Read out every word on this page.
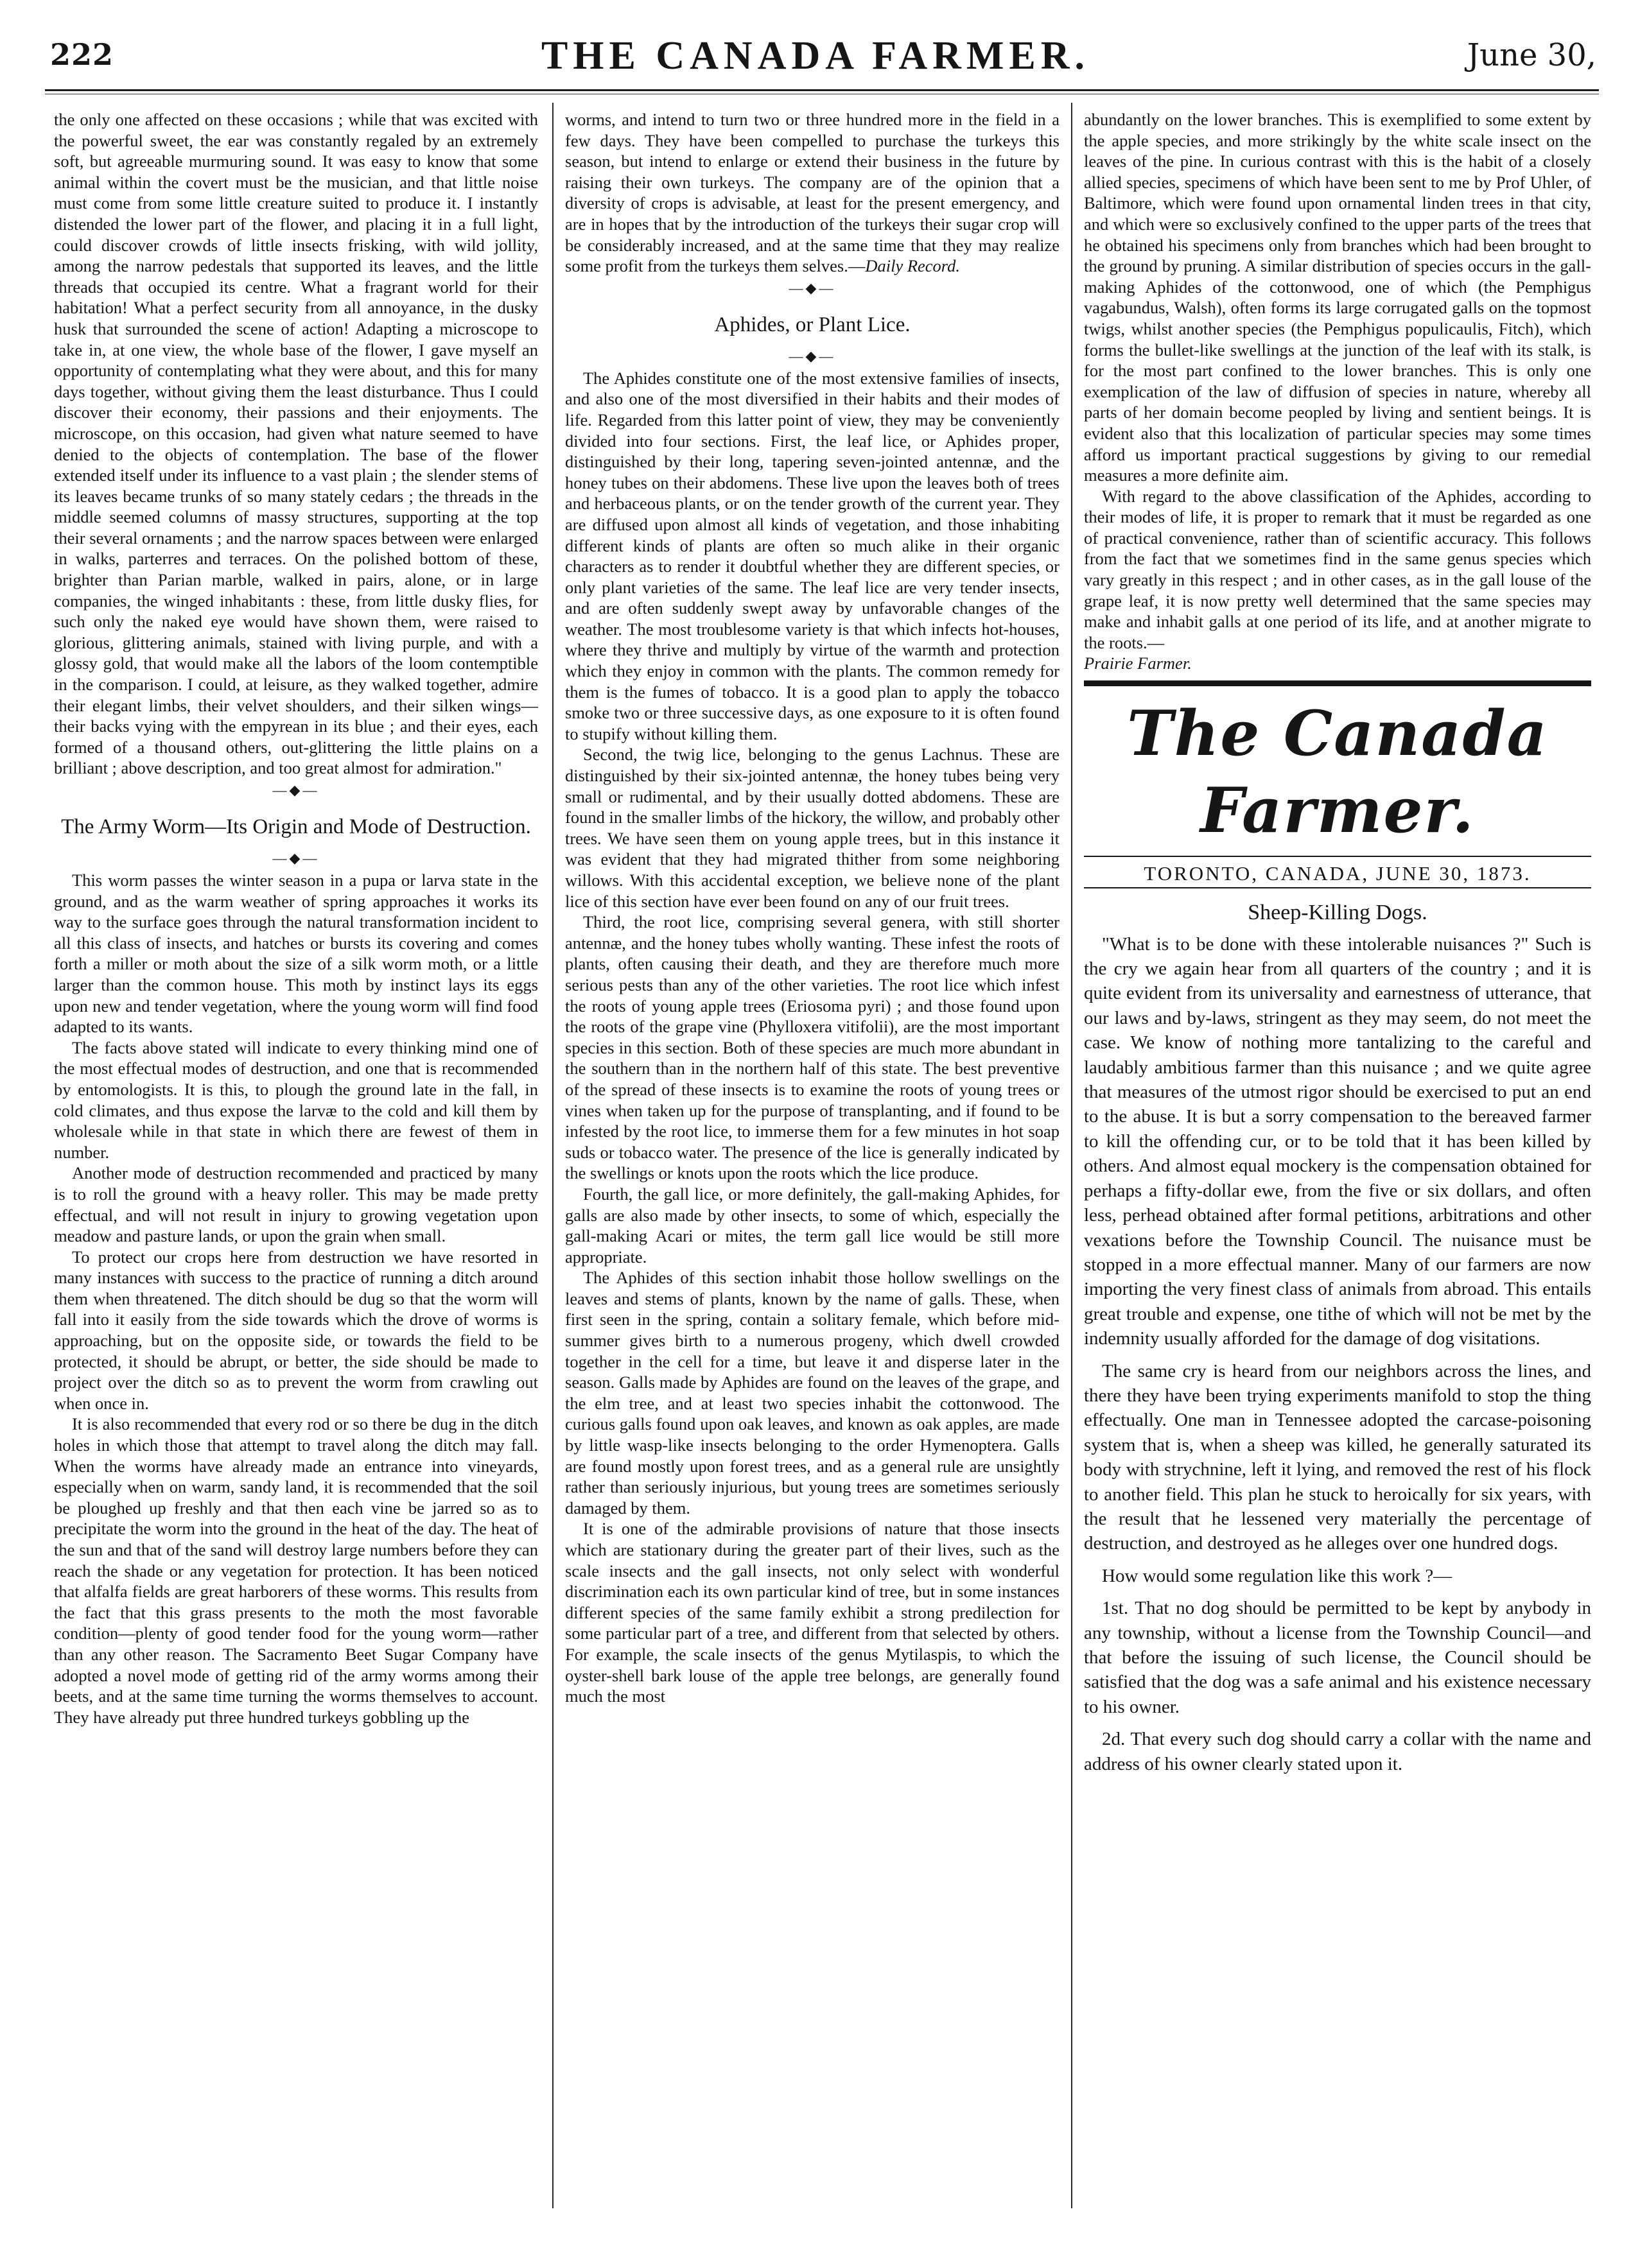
222	THE CANADA FARMER.	June 30,

the only one affected on these occasions ; while that was excited with the powerful sweet, the ear was constantly regaled by an extremely soft, but agreeable murmuring sound. It was easy to know that some animal within the covert must be the musician, and that little noise must come from some little creature suited to produce it. I instantly distended the lower part of the flower, and placing it in a full light, could discover crowds of little insects frisking, with wild jollity, among the narrow pedestals that supported its leaves, and the little threads that occupied its centre. What a fragrant world for their habitation! What a perfect security from all annoyance, in the dusky husk that surrounded the scene of action! Adapting a microscope to take in, at one view, the whole base of the flower, I gave myself an opportunity of contemplating what they were about, and this for many days together, without giving them the least disturbance. Thus I could discover their economy, their passions and their enjoyments. The microscope, on this occasion, had given what nature seemed to have denied to the objects of contemplation. The base of the flower extended itself under its influence to a vast plain ; the slender stems of its leaves became trunks of so many stately cedars ; the threads in the middle seemed columns of massy structures, supporting at the top their several ornaments ; and the narrow spaces between were enlarged in walks, parterres and terraces. On the polished bottom of these, brighter than Parian marble, walked in pairs, alone, or in large companies, the winged inhabitants : these, from little dusky flies, for such only the naked eye would have shown them, were raised to glorious, glittering animals, stained with living purple, and with a glossy gold, that would make all the labors of the loom contemptible in the comparison. I could, at leisure, as they walked together, admire their elegant limbs, their velvet shoulders, and their silken wings—their backs vying with the empyrean in its blue ; and their eyes, each formed of a thousand others, out-glittering the little plains on a brilliant ; above description, and too great almost for admiration."

—◆—
The Army Worm—Its Origin and Mode of Destruction.
—◆—

This worm passes the winter season in a pupa or larva state in the ground, and as the warm weather of spring approaches it works its way to the surface goes through the natural transformation incident to all this class of insects, and hatches or bursts its covering and comes forth a miller or moth about the size of a silk worm moth, or a little larger than the common house. This moth by instinct lays its eggs upon new and tender vegetation, where the young worm will find food adapted to its wants.

The facts above stated will indicate to every thinking mind one of the most effectual modes of destruction, and one that is recommended by entomologists. It is this, to plough the ground late in the fall, in cold climates, and thus expose the larvæ to the cold and kill them by wholesale while in that state in which there are fewest of them in number.

Another mode of destruction recommended and practiced by many is to roll the ground with a heavy roller. This may be made pretty effectual, and will not result in injury to growing vegetation upon meadow and pasture lands, or upon the grain when small.

To protect our crops here from destruction we have resorted in many instances with success to the practice of running a ditch around them when threatened. The ditch should be dug so that the worm will fall into it easily from the side towards which the drove of worms is approaching, but on the opposite side, or towards the field to be protected, it should be abrupt, or better, the side should be made to project over the ditch so as to prevent the worm from crawling out when once in.

It is also recommended that every rod or so there be dug in the ditch holes in which those that attempt to travel along the ditch may fall. When the worms have already made an entrance into vineyards, especially when on warm, sandy land, it is recommended that the soil be ploughed up freshly and that then each vine be jarred so as to precipitate the worm into the ground in the heat of the day. The heat of the sun and that of the sand will destroy large numbers before they can reach the shade or any vegetation for protection. It has been noticed that alfalfa fields are great harborers of these worms. This results from the fact that this grass presents to the moth the most favorable condition—plenty of good tender food for the young worm—rather than any other reason. The Sacramento Beet Sugar Company have adopted a novel mode of getting rid of the army worms among their beets, and at the same time turning the worms themselves to account. They have already put three hundred turkeys gobbling up the

worms, and intend to turn two or three hundred more in the field in a few days. They have been compelled to purchase the turkeys this season, but intend to enlarge or extend their business in the future by raising their own turkeys. The company are of the opinion that a diversity of crops is advisable, at least for the present emergency, and are in hopes that by the introduction of the turkeys their sugar crop will be considerably increased, and at the same time that they may realize some profit from the turkeys them selves.—Daily Record.

—◆—
Aphides, or Plant Lice.
—◆—

The Aphides constitute one of the most extensive families of insects, and also one of the most diversified in their habits and their modes of life. Regarded from this latter point of view, they may be conveniently divided into four sections. First, the leaf lice, or Aphides proper, distinguished by their long, tapering seven-jointed antennæ, and the honey tubes on their abdomens. These live upon the leaves both of trees and herbaceous plants, or on the tender growth of the current year. They are diffused upon almost all kinds of vegetation, and those inhabiting different kinds of plants are often so much alike in their organic characters as to render it doubtful whether they are different species, or only plant varieties of the same. The leaf lice are very tender insects, and are often suddenly swept away by unfavorable changes of the weather. The most troublesome variety is that which infects hot-houses, where they thrive and multiply by virtue of the warmth and protection which they enjoy in common with the plants. The common remedy for them is the fumes of tobacco. It is a good plan to apply the tobacco smoke two or three successive days, as one exposure to it is often found to stupify without killing them.

Second, the twig lice, belonging to the genus Lachnus. These are distinguished by their six-jointed antennæ, the honey tubes being very small or rudimental, and by their usually dotted abdomens. These are found in the smaller limbs of the hickory, the willow, and probably other trees. We have seen them on young apple trees, but in this instance it was evident that they had migrated thither from some neighboring willows. With this accidental exception, we believe none of the plant lice of this section have ever been found on any of our fruit trees.

Third, the root lice, comprising several genera, with still shorter antennæ, and the honey tubes wholly wanting. These infest the roots of plants, often causing their death, and they are therefore much more serious pests than any of the other varieties. The root lice which infest the roots of young apple trees (Eriosoma pyri) ; and those found upon the roots of the grape vine (Phylloxera vitifolii), are the most important species in this section. Both of these species are much more abundant in the southern than in the northern half of this state. The best preventive of the spread of these insects is to examine the roots of young trees or vines when taken up for the purpose of transplanting, and if found to be infested by the root lice, to immerse them for a few minutes in hot soap suds or tobacco water. The presence of the lice is generally indicated by the swellings or knots upon the roots which the lice produce.

Fourth, the gall lice, or more definitely, the gall-making Aphides, for galls are also made by other insects, to some of which, especially the gall-making Acari or mites, the term gall lice would be still more appropriate.

The Aphides of this section inhabit those hollow swellings on the leaves and stems of plants, known by the name of galls. These, when first seen in the spring, contain a solitary female, which before mid-summer gives birth to a numerous progeny, which dwell crowded together in the cell for a time, but leave it and disperse later in the season. Galls made by Aphides are found on the leaves of the grape, and the elm tree, and at least two species inhabit the cottonwood. The curious galls found upon oak leaves, and known as oak apples, are made by little wasp-like insects belonging to the order Hymenoptera. Galls are found mostly upon forest trees, and as a general rule are unsightly rather than seriously injurious, but young trees are sometimes seriously damaged by them.

It is one of the admirable provisions of nature that those insects which are stationary during the greater part of their lives, such as the scale insects and the gall insects, not only select with wonderful discrimination each its own particular kind of tree, but in some instances different species of the same family exhibit a strong predilection for some particular part of a tree, and different from that selected by others. For example, the scale insects of the genus Mytilaspis, to which the oyster-shell bark louse of the apple tree belongs, are generally found much the most

abundantly on the lower branches. This is exemplified to some extent by the apple species, and more strikingly by the white scale insect on the leaves of the pine. In curious contrast with this is the habit of a closely allied species, specimens of which have been sent to me by Prof Uhler, of Baltimore, which were found upon ornamental linden trees in that city, and which were so exclusively confined to the upper parts of the trees that he obtained his specimens only from branches which had been brought to the ground by pruning. A similar distribution of species occurs in the gall-making Aphides of the cottonwood, one of which (the Pemphigus vagabundus, Walsh), often forms its large corrugated galls on the topmost twigs, whilst another species (the Pemphigus populicaulis, Fitch), which forms the bullet-like swellings at the junction of the leaf with its stalk, is for the most part confined to the lower branches. This is only one exemplication of the law of diffusion of species in nature, whereby all parts of her domain become peopled by living and sentient beings. It is evident also that this localization of particular species may some times afford us important practical suggestions by giving to our remedial measures a more definite aim.

With regard to the above classification of the Aphides, according to their modes of life, it is proper to remark that it must be regarded as one of practical convenience, rather than of scientific accuracy. This follows from the fact that we sometimes find in the same genus species which vary greatly in this respect ; and in other cases, as in the gall louse of the grape leaf, it is now pretty well determined that the same species may make and inhabit galls at one period of its life, and at another migrate to the roots.—

Prairie Farmer.

The Canada Farmer.
TORONTO, CANADA, JUNE 30, 1873.
Sheep-Killing Dogs.

"What is to be done with these intolerable nuisances ?" Such is the cry we again hear from all quarters of the country ; and it is quite evident from its universality and earnestness of utterance, that our laws and by-laws, stringent as they may seem, do not meet the case. We know of nothing more tantalizing to the careful and laudably ambitious farmer than this nuisance ; and we quite agree that measures of the utmost rigor should be exercised to put an end to the abuse. It is but a sorry compensation to the bereaved farmer to kill the offending cur, or to be told that it has been killed by others. And almost equal mockery is the compensation obtained for perhaps a fifty-dollar ewe, from the five or six dollars, and often less, perhead obtained after formal petitions, arbitrations and other vexations before the Township Council. The nuisance must be stopped in a more effectual manner. Many of our farmers are now importing the very finest class of animals from abroad. This entails great trouble and expense, one tithe of which will not be met by the indemnity usually afforded for the damage of dog visitations.

The same cry is heard from our neighbors across the lines, and there they have been trying experiments manifold to stop the thing effectually. One man in Tennessee adopted the carcase-poisoning system that is, when a sheep was killed, he generally saturated its body with strychnine, left it lying, and removed the rest of his flock to another field. This plan he stuck to heroically for six years, with the result that he lessened very materially the percentage of destruction, and destroyed as he alleges over one hundred dogs.

How would some regulation like this work ?—

1st. That no dog should be permitted to be kept by anybody in any township, without a license from the Township Council—and that before the issuing of such license, the Council should be satisfied that the dog was a safe animal and his existence necessary to his owner.

2d. That every such dog should carry a collar with the name and address of his owner clearly stated upon it.
